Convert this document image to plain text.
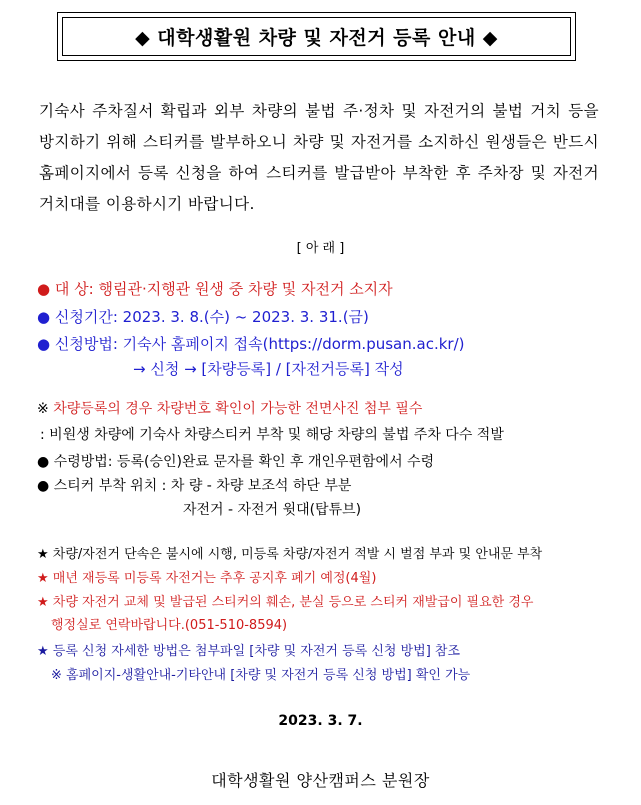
◆ 대학생활원 차량 및 자전거 등록 안내 ◆
기숙사 주차질서 확립과 외부 차량의 불법 주·정차 및 자전거의 불법 거치 등을 방지하기 위해 스티커를 발부하오니 차량 및 자전거를 소지하신 원생들은 반드시 홈페이지에서 등록 신청을 하여 스티커를 발급받아 부착한 후 주차장 및 자전거 거치대를 이용하시기 바랍니다.
[ 아 래 ]
● 대 상: 행림관·지행관 원생 중 차량 및 자전거 소지자
● 신청기간: 2023. 3. 8.(수) ~ 2023. 3. 31.(금)
● 신청방법: 기숙사 홈페이지 접속(https://dorm.pusan.ac.kr/)
→ 신청 → [차량등록] / [자전거등록] 작성
※ 차량등록의 경우 차량번호 확인이 가능한 전면사진 첨부 필수
: 비원생 차량에 기숙사 차량스티커 부착 및 해당 차량의 불법 주차 다수 적발
● 수령방법: 등록(승인)완료 문자를 확인 후 개인우편함에서 수령
● 스티커 부착 위치 : 차 량 - 차량 보조석 하단 부분
자전거 - 자전거 윗대(탑튜브)
★ 차량/자전거 단속은 불시에 시행, 미등록 차량/자전거 적발 시 벌점 부과 및 안내문 부착
★ 매년 재등록 미등록 자전거는 추후 공지후 폐기 예정(4월)
★ 차량 자전거 교체 및 발급된 스티커의 훼손, 분실 등으로 스티커 재발급이 필요한 경우
행정실로 연락바랍니다.(051-510-8594)
★ 등록 신청 자세한 방법은 첨부파일 [차량 및 자전거 등록 신청 방법] 참조
※ 홈페이지-생활안내-기타안내 [차량 및 자전거 등록 신청 방법] 확인 가능
2023. 3. 7.
대학생활원 양산캠퍼스 분원장
